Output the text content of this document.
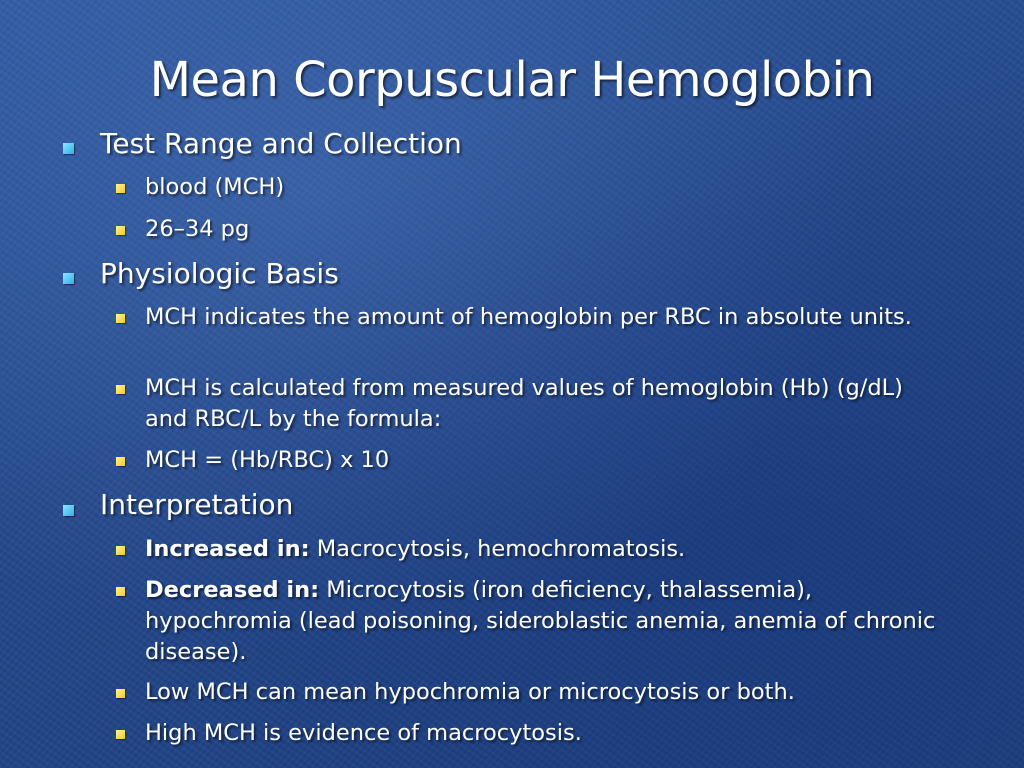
Mean Corpuscular Hemoglobin
Test Range and Collection
blood (MCH)
26–34 pg
Physiologic Basis
MCH indicates the amount of hemoglobin per RBC in absolute units.
MCH is calculated from measured values of hemoglobin (Hb) (g/dL) and RBC/L by the formula:
MCH = (Hb/RBC) x 10
Interpretation
Increased in: Macrocytosis, hemochromatosis.
Decreased in: Microcytosis (iron deficiency, thalassemia), hypochromia (lead poisoning, sideroblastic anemia, anemia of chronic disease).
Low MCH can mean hypochromia or microcytosis or both.
High MCH is evidence of macrocytosis.
